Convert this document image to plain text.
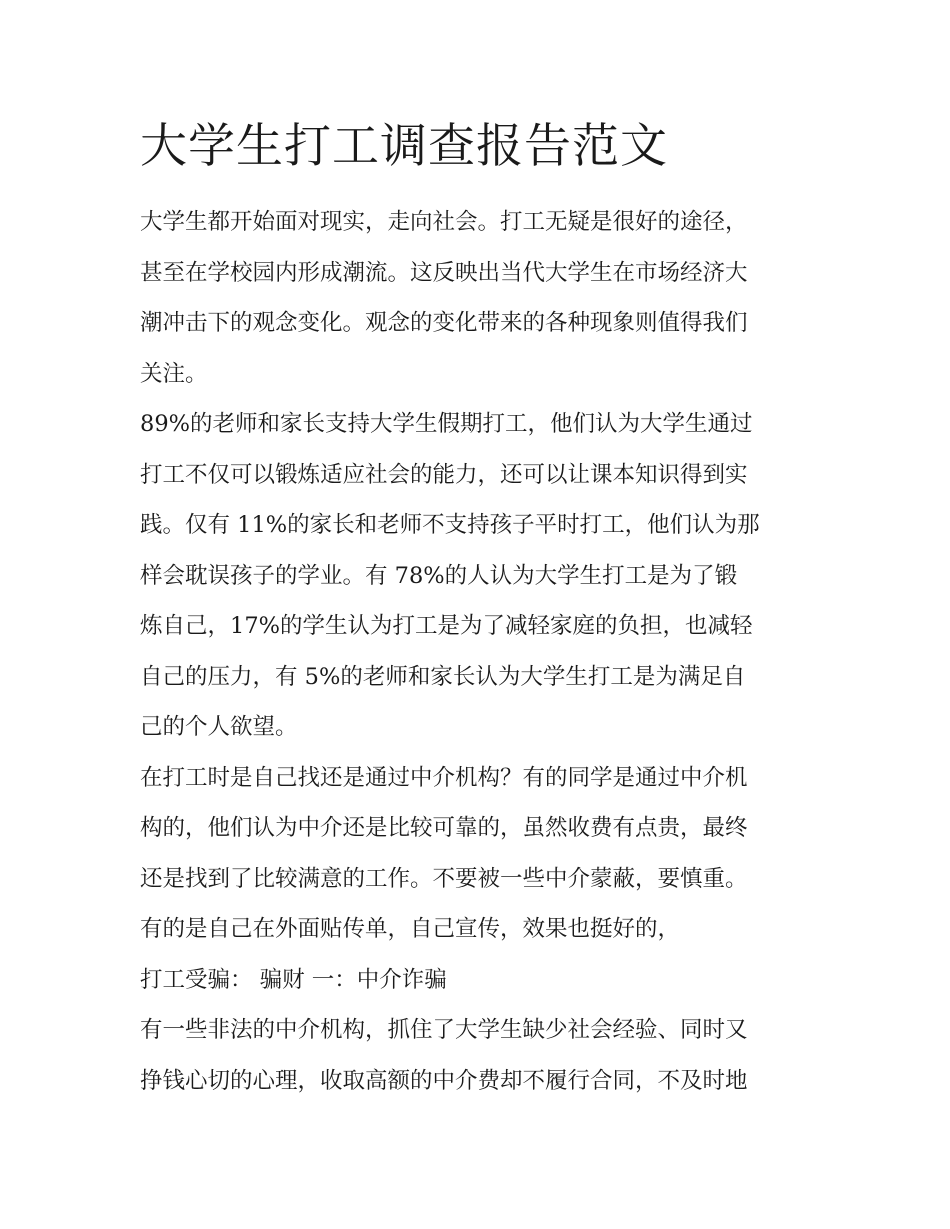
大学生打工调查报告范文
大学生都开始面对现实，走向社会。打工无疑是很好的途径，
甚至在学校园内形成潮流。这反映出当代大学生在市场经济大
潮冲击下的观念变化。观念的变化带来的各种现象则值得我们
关注。
89%的老师和家长支持大学生假期打工，他们认为大学生通过
打工不仅可以锻炼适应社会的能力，还可以让课本知识得到实
践。仅有 11%的家长和老师不支持孩子平时打工，他们认为那
样会耽误孩子的学业。有 78%的人认为大学生打工是为了锻
炼自己，17%的学生认为打工是为了减轻家庭的负担，也减轻
自己的压力，有 5%的老师和家长认为大学生打工是为满足自
己的个人欲望。
在打工时是自己找还是通过中介机构？有的同学是通过中介机
构的，他们认为中介还是比较可靠的，虽然收费有点贵，最终
还是找到了比较满意的工作。不要被一些中介蒙蔽，要慎重。
有的是自己在外面贴传单，自己宣传，效果也挺好的，
打工受骗： 骗财 一：中介诈骗
有一些非法的中介机构，抓住了大学生缺少社会经验、同时又
挣钱心切的心理，收取高额的中介费却不履行合同，不及时地
